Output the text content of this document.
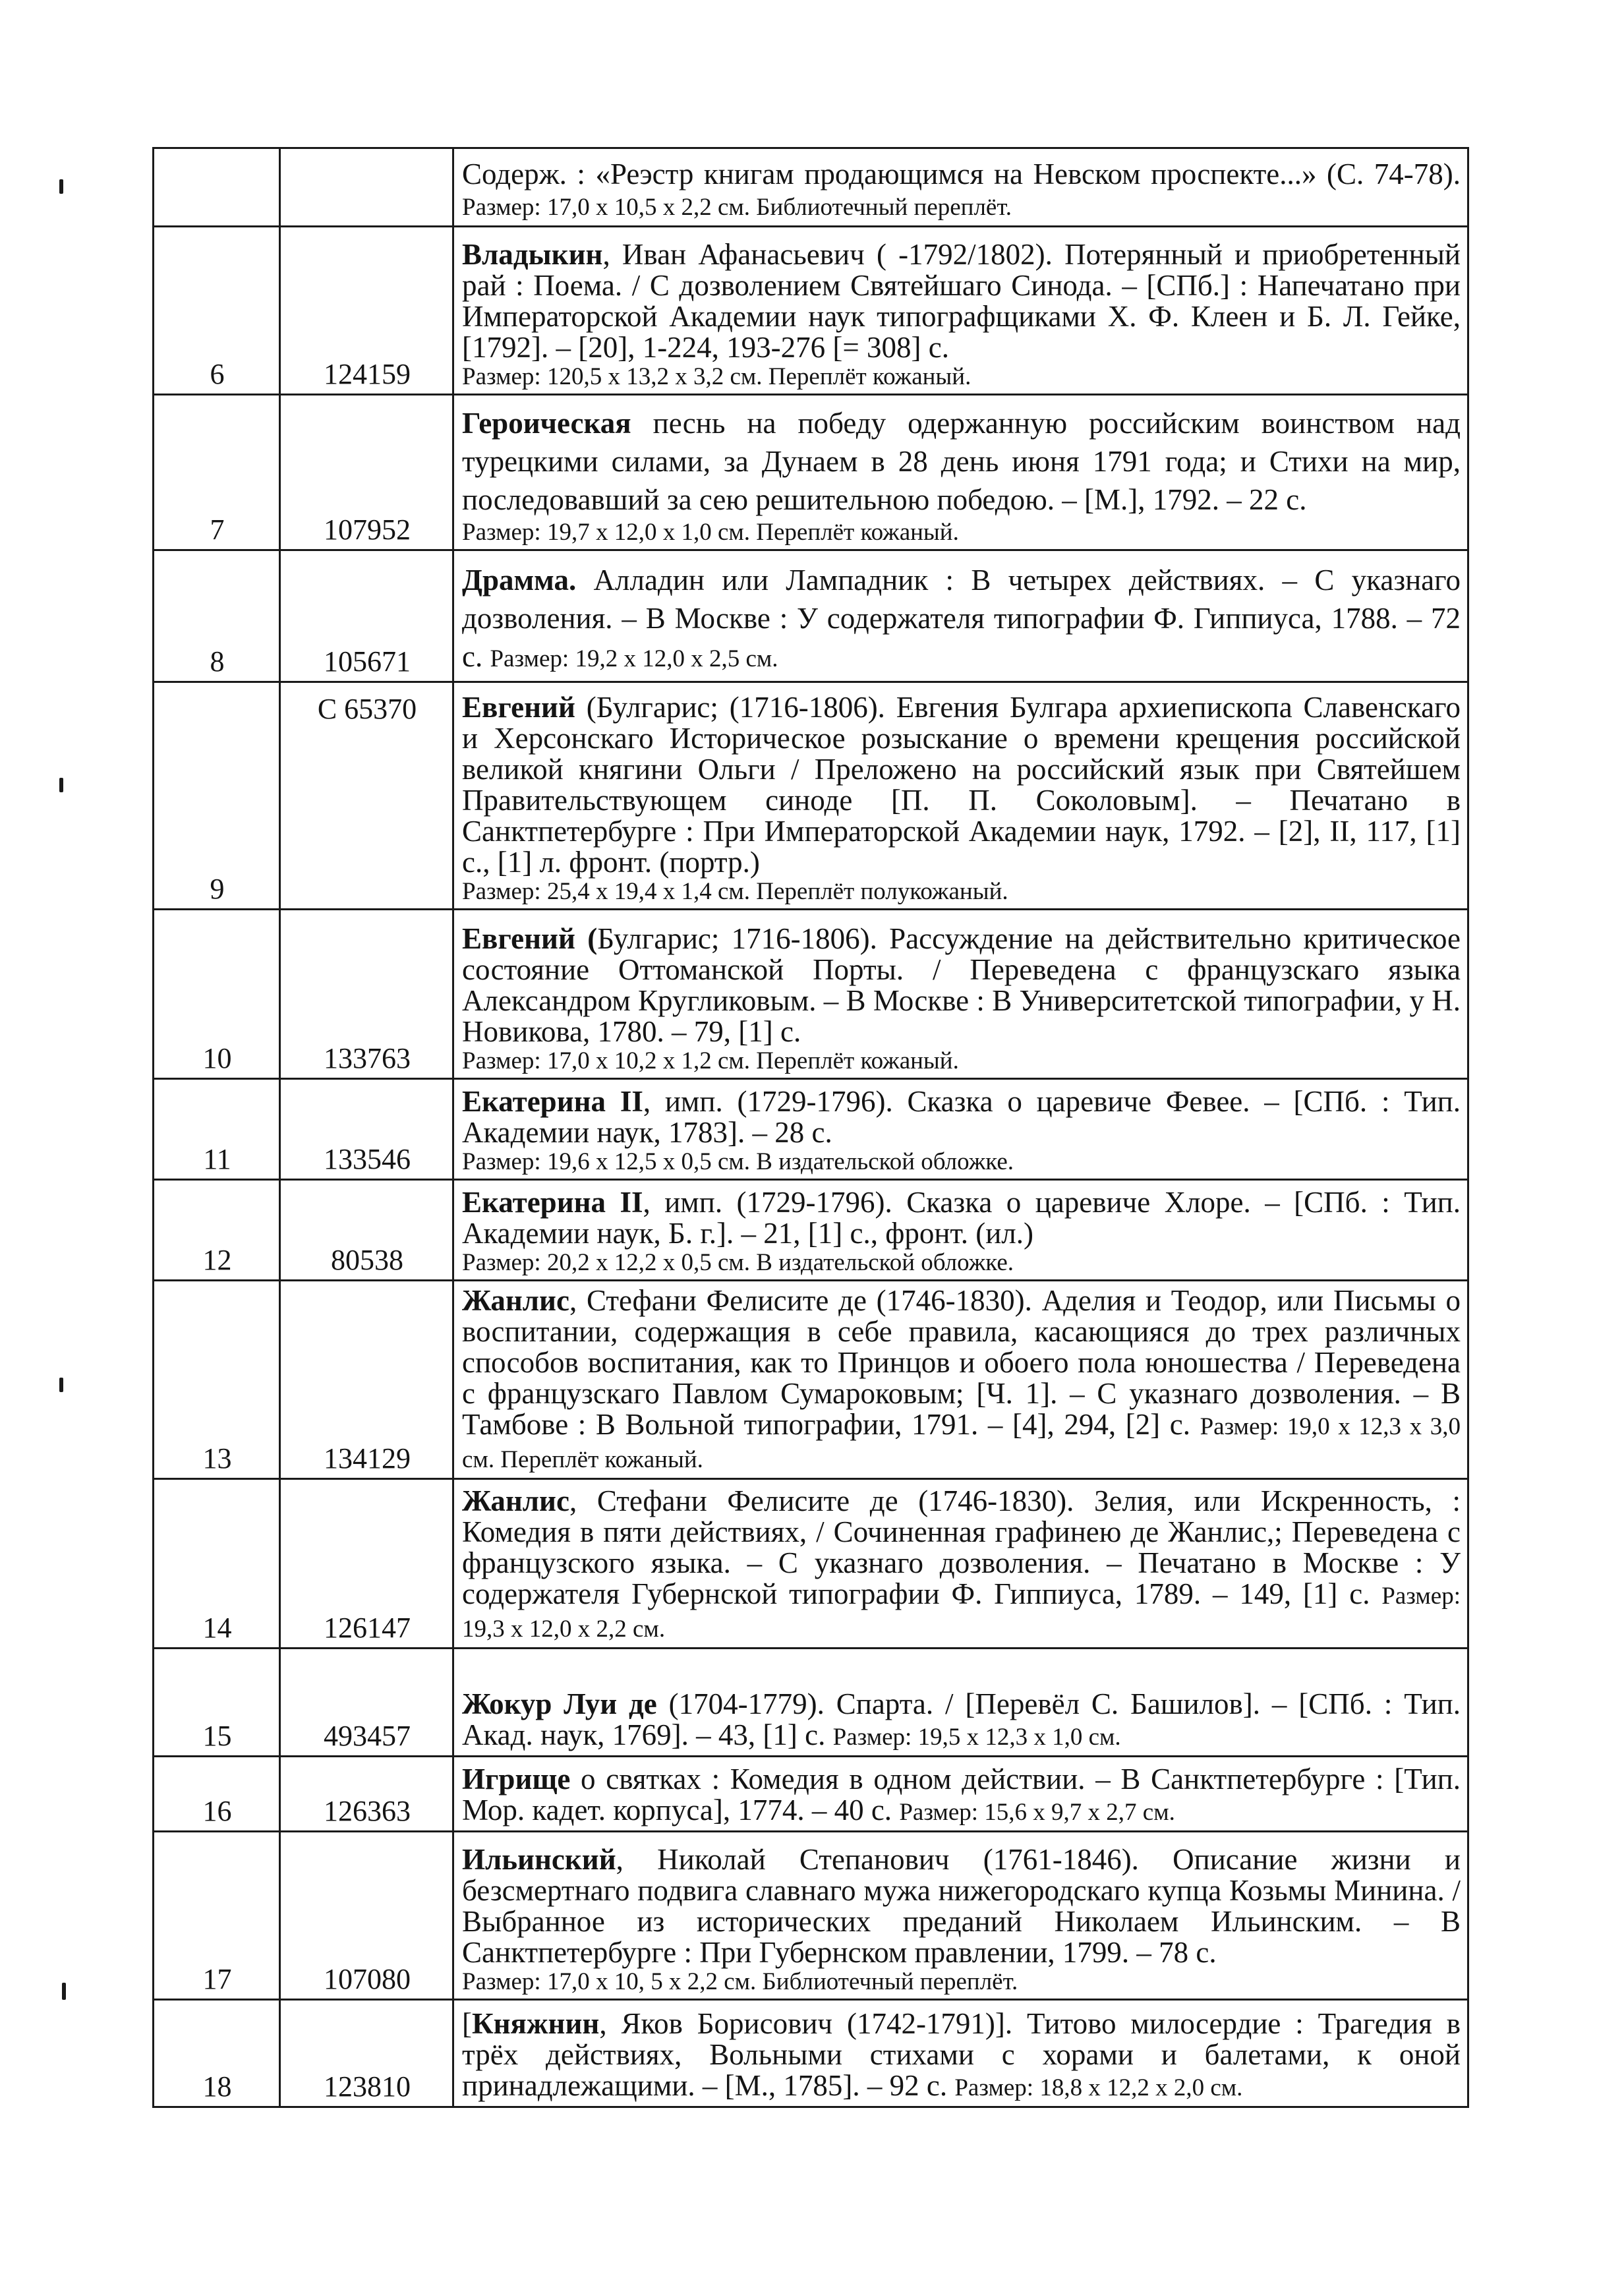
		Содерж. : «Реэстр книгам продающимся на Невском проспекте...» (С. 74-78). Размер: 17,0 х 10,5 х 2,2 см. Библиотечный переплёт.
6	124159	Владыкин, Иван Афанасьевич ( -1792/1802). Потерянный и приобретенный рай : Поема. / С дозволением Святейшаго Синода. – [СПб.] : Напечатано при Императорской Академии наук типографщиками Х. Ф. Клеен и Б. Л. Гейке, [1792]. – [20], 1-224, 193-276 [= 308] с.
Размер: 120,5 х 13,2 х 3,2 см. Переплёт кожаный.

7	107952	Героическая песнь на победу одержанную российским воинством над турецкими силами, за Дунаем в 28 день июня 1791 года; и Стихи на мир, последовавший за сею решительною победою. – [М.], 1792. – 22 с.
Размер: 19,7 х 12,0 х 1,0 см. Переплёт кожаный.

8	105671	Драмма. Алладин или Лампадник : В четырех действиях. – С указнаго дозволения. – В Москве : У содержателя типографии Ф. Гиппиуса, 1788. – 72 с. Размер: 19,2 х 12,0 х 2,5 см.
9	С 65370	Евгений (Булгарис; (1716-1806). Евгения Булгара архиепископа Славенскаго и Херсонскаго Историческое розыскание о времени крещения российской великой княгини Ольги / Преложено на российский язык при Святейшем Правительствующем синоде [П. П. Соколовым]. – Печатано в Санктпетербурге : При Императорской Академии наук, 1792. – [2], II, 117, [1] с., [1] л. фронт. (портр.)
Размер: 25,4 х 19,4 х 1,4 см. Переплёт полукожаный.

10	133763	Евгений (Булгарис; 1716-1806). Рассуждение на действительно критическое состояние Оттоманской Порты. / Переведена с французскаго языка Александром Кругликовым. – В Москве : В Университетской типографии, у Н. Новикова, 1780. – 79, [1] с.
Размер: 17,0 х 10,2 х 1,2 см. Переплёт кожаный.

11	133546	Екатерина II, имп. (1729-1796). Сказка о царевиче Февее. – [СПб. : Тип. Академии наук, 1783]. – 28 с.
Размер: 19,6 х 12,5 х 0,5 см. В издательской обложке.

12	80538	Екатерина II, имп. (1729-1796). Сказка о царевиче Хлоре. – [СПб. : Тип. Академии наук, Б. г.]. – 21, [1] с., фронт. (ил.)
Размер: 20,2 х 12,2 х 0,5 см. В издательской обложке.

13	134129	Жанлис, Стефани Фелисите де (1746-1830). Аделия и Теодор, или Письмы о воспитании, содержащия в себе правила, касающияся до трех различных способов воспитания, как то Принцов и обоего пола юношества / Переведена с французскаго Павлом Сумароковым; [Ч. 1]. – С указнаго дозволения. – В Тамбове : В Вольной типографии, 1791. – [4], 294, [2] с. Размер: 19,0 х 12,3 х 3,0 см. Переплёт кожаный.
14	126147	Жанлис, Стефани Фелисите де (1746-1830). Зелия, или Искренность, : Комедия в пяти действиях, / Сочиненная графинею де Жанлис,; Переведена с французского языка. – С указнаго дозволения. – Печатано в Москве : У содержателя Губернской типографии Ф. Гиппиуса, 1789. – 149, [1] с. Размер: 19,3 х 12,0 х 2,2 см.
15	493457	Жокур Луи де (1704-1779). Спарта. / [Перевёл С. Башилов]. – [СПб. : Тип. Акад. наук, 1769]. – 43, [1] с. Размер: 19,5 х 12,3 х 1,0 см.
16	126363	Игрище о святках : Комедия в одном действии. – В Санктпетербурге : [Тип. Мор. кадет. корпуса], 1774. – 40 с. Размер: 15,6 х 9,7 х 2,7 см.
17	107080	Ильинский, Николай Степанович (1761-1846). Описание жизни и безсмертнаго подвига славнаго мужа нижегородскаго купца Козьмы Минина. / Выбранное из исторических преданий Николаем Ильинским. – В Санктпетербурге : При Губернском правлении, 1799. – 78 с.
Размер: 17,0 х 10, 5 х 2,2 см. Библиотечный переплёт.

18	123810	[Княжнин, Яков Борисович (1742-1791)]. Титово милосердие : Трагедия в трёх действиях, Вольными стихами с хорами и балетами, к оной принадлежащими. – [М., 1785]. – 92 с. Размер: 18,8 х 12,2 х 2,0 см.
